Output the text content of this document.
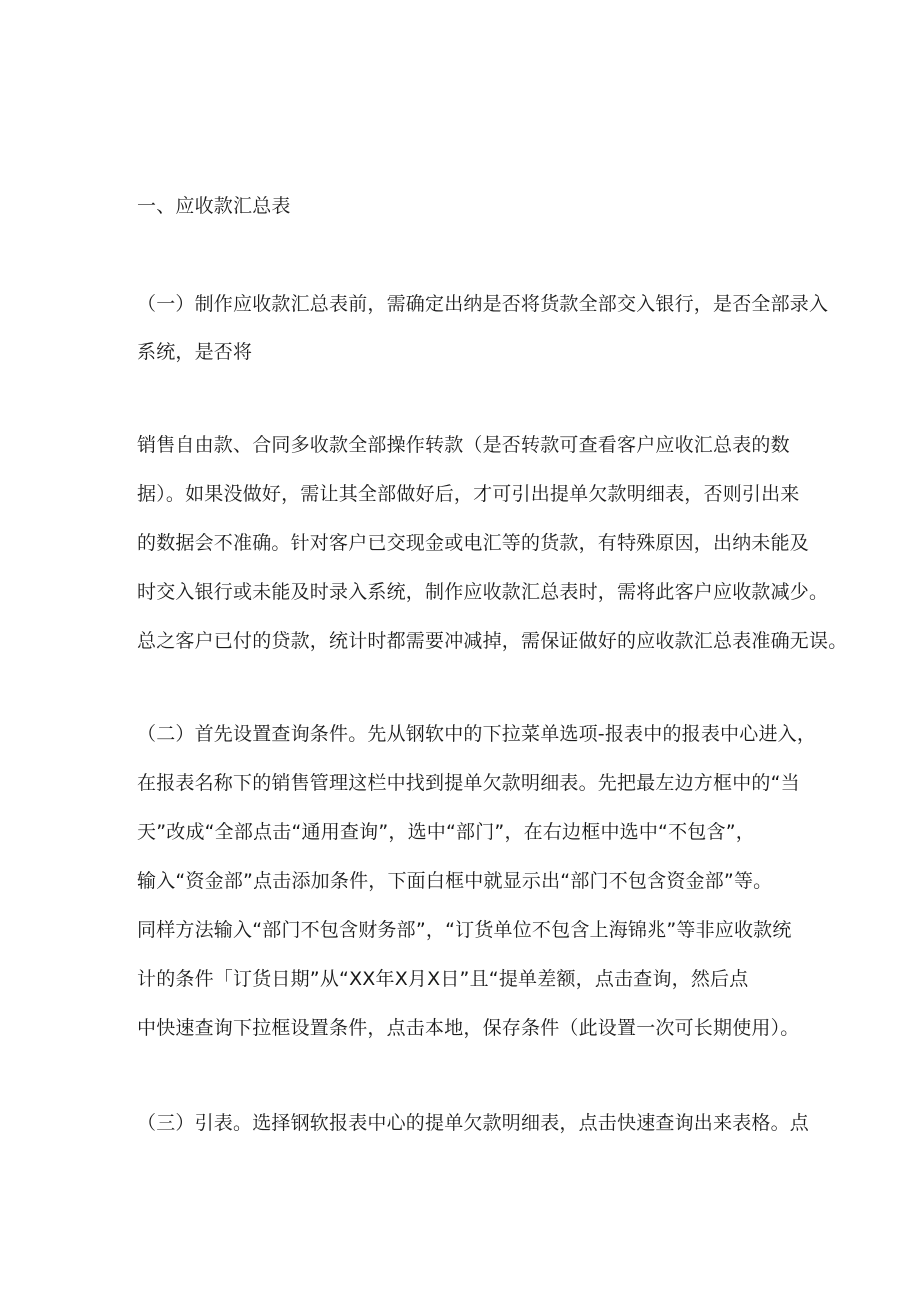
一、应收款汇总表
（一）制作应收款汇总表前，需确定出纳是否将货款全部交入银行，是否全部录入
系统，是否将
销售自由款、合同多收款全部操作转款（是否转款可查看客户应收汇总表的数
据）。如果没做好，需让其全部做好后，才可引出提单欠款明细表，否则引出来
的数据会不准确。针对客户已交现金或电汇等的货款，有特殊原因，出纳未能及
时交入银行或未能及时录入系统，制作应收款汇总表时，需将此客户应收款减少。
总之客户已付的贷款，统计时都需要冲减掉，需保证做好的应收款汇总表准确无误。
（二）首先设置查询条件。先从钢软中的下拉菜单选项-报表中的报表中心进入，
在报表名称下的销售管理这栏中找到提单欠款明细表。先把最左边方框中的“当
天”改成“全部点击“通用查询”，选中“部门”，在右边框中选中“不包含”，
输入“资金部”点击添加条件，下面白框中就显示出“部门不包含资金部”等。
同样方法输入“部门不包含财务部”，“订货单位不包含上海锦兆”等非应收款统
计的条件「订货日期”从“XX年X月X日”且“提单差额，点击查询，然后点
中快速查询下拉框设置条件，点击本地，保存条件（此设置一次可长期使用）。
（三）引表。选择钢软报表中心的提单欠款明细表，点击快速查询出来表格。点
